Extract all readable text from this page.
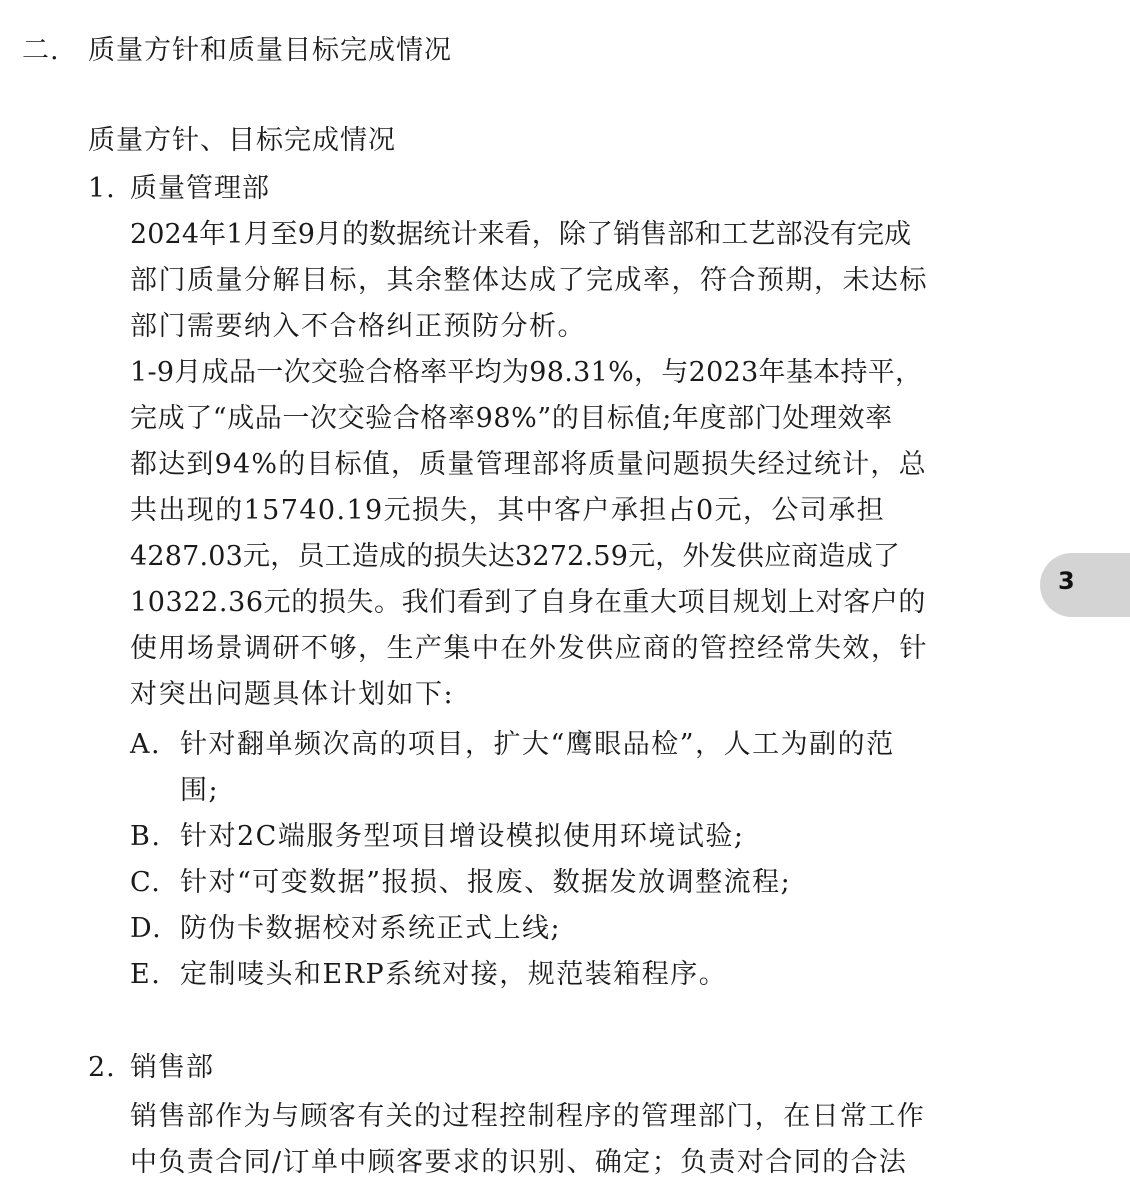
二. 质量方针和质量目标完成情况
质量方针、目标完成情况
1. 质量管理部
2024年1月至9月的数据统计来看，除了销售部和工艺部没有完成
部门质量分解目标，其余整体达成了完成率，符合预期，未达标
部门需要纳入不合格纠正预防分析。
1-9月成品一次交验合格率平均为98.31%，与2023年基本持平，
完成了“成品一次交验合格率98%”的目标值;年度部门处理效率
都达到94%的目标值，质量管理部将质量问题损失经过统计，总
共出现的15740.19元损失，其中客户承担占0元，公司承担
4287.03元，员工造成的损失达3272.59元，外发供应商造成了
10322.36元的损失。我们看到了自身在重大项目规划上对客户的
使用场景调研不够，生产集中在外发供应商的管控经常失效，针
对突出问题具体计划如下:
A. 针对翻单频次高的项目，扩大“鹰眼品检”，人工为副的范
围;
B. 针对2C端服务型项目增设模拟使用环境试验;
C. 针对“可变数据”报损、报废、数据发放调整流程;
D. 防伪卡数据校对系统正式上线;
E. 定制唛头和ERP系统对接，规范装箱程序。
2. 销售部
销售部作为与顾客有关的过程控制程序的管理部门，在日常工作
中负责合同/订单中顾客要求的识别、确定；负责对合同的合法
3
